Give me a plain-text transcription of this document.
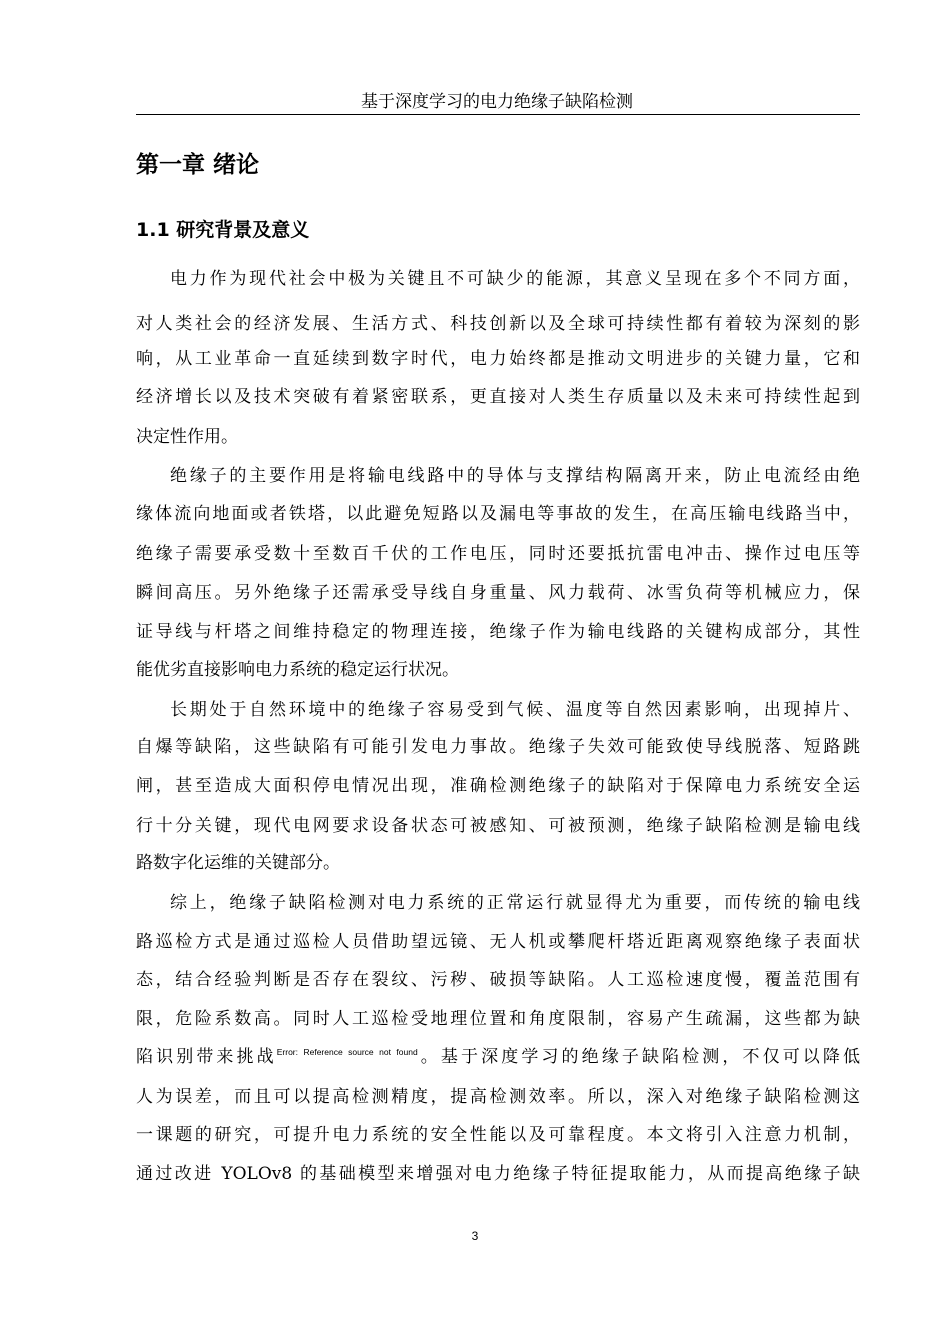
基于深度学习的电力绝缘子缺陷检测
第一章 绪论
1.1 研究背景及意义
电力作为现代社会中极为关键且不可缺少的能源，其意义呈现在多个不同方面，
对人类社会的经济发展、生活方式、科技创新以及全球可持续性都有着较为深刻的影
响，从工业革命一直延续到数字时代，电力始终都是推动文明进步的关键力量，它和
经济增长以及技术突破有着紧密联系，更直接对人类生存质量以及未来可持续性起到
决定性作用。
绝缘子的主要作用是将输电线路中的导体与支撑结构隔离开来，防止电流经由绝
缘体流向地面或者铁塔，以此避免短路以及漏电等事故的发生，在高压输电线路当中，
绝缘子需要承受数十至数百千伏的工作电压，同时还要抵抗雷电冲击、操作过电压等
瞬间高压。另外绝缘子还需承受导线自身重量、风力载荷、冰雪负荷等机械应力，保
证导线与杆塔之间维持稳定的物理连接，绝缘子作为输电线路的关键构成部分，其性
能优劣直接影响电力系统的稳定运行状况。
长期处于自然环境中的绝缘子容易受到气候、温度等自然因素影响，出现掉片、
自爆等缺陷，这些缺陷有可能引发电力事故。绝缘子失效可能致使导线脱落、短路跳
闸，甚至造成大面积停电情况出现，准确检测绝缘子的缺陷对于保障电力系统安全运
行十分关键，现代电网要求设备状态可被感知、可被预测，绝缘子缺陷检测是输电线
路数字化运维的关键部分。
综上，绝缘子缺陷检测对电力系统的正常运行就显得尤为重要，而传统的输电线
路巡检方式是通过巡检人员借助望远镜、无人机或攀爬杆塔近距离观察绝缘子表面状
态，结合经验判断是否存在裂纹、污秽、破损等缺陷。人工巡检速度慢，覆盖范围有
限，危险系数高。同时人工巡检受地理位置和角度限制，容易产生疏漏，这些都为缺
陷识别带来挑战$^{Error: Reference source not found}$。基于深度学习的绝缘子缺陷检测，不仅可以降低
人为误差，而且可以提高检测精度，提高检测效率。所以，深入对绝缘子缺陷检测这
一课题的研究，可提升电力系统的安全性能以及可靠程度。本文将引入注意力机制，
通过改进 YOLOv8 的基础模型来增强对电力绝缘子特征提取能力，从而提高绝缘子缺
3
